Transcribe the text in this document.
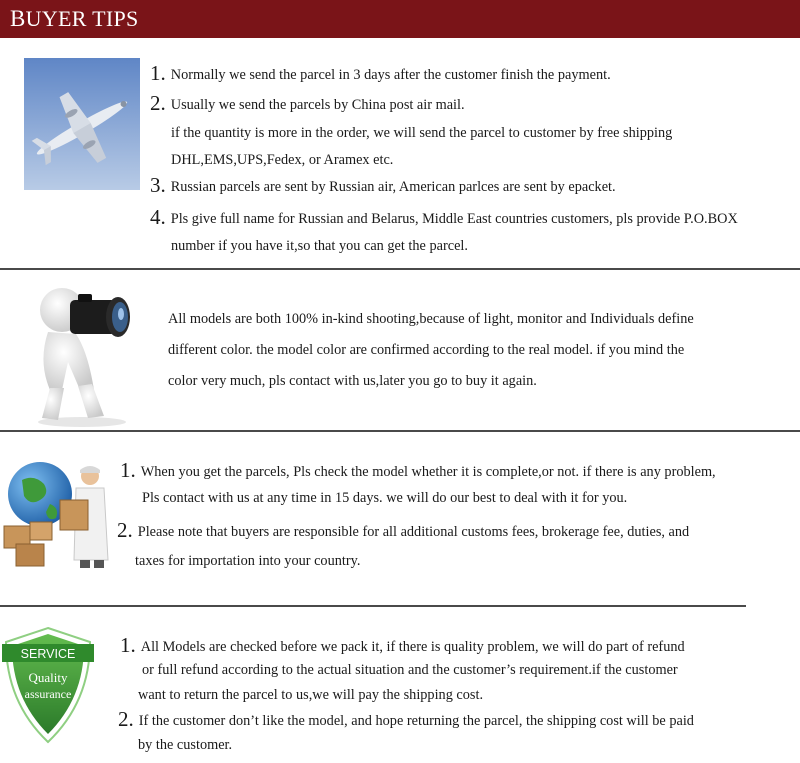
BUYER TIPS
1. Normally we send the parcel in 3 days after the customer finish the payment.
2. Usually we send the parcels by China post air mail.
if the quantity is more in the order, we will send the parcel to customer by free shipping
DHL,EMS,UPS,Fedex, or Aramex etc.
3. Russian parcels are sent by Russian air, American parlces are sent by epacket.
4. Pls give full name for Russian and Belarus, Middle East countries customers, pls provide P.O.BOX
number if you have it,so that you can get the parcel.
All models are both 100% in-kind shooting,because of light, monitor and Individuals define
different color. the model color are confirmed according to the real model. if you mind the
color very much, pls contact with us,later you go to buy it again.
1. When you get the parcels, Pls check the model whether it is complete,or not. if there is any problem,
Pls contact with us at any time in 15 days. we will do our best to deal with it for you.
2. Please note that buyers are responsible for all additional customs fees, brokerage fee, duties, and
taxes for importation into your country.
SERVICE
Quality
assurance
1. All Models are checked before we pack it, if there is quality problem, we will do part of refund
or full refund according to the actual situation and the customer’s requirement.if the customer
want to return the parcel to us,we will pay the shipping cost.
2. If the customer don’t like the model, and hope returning the parcel, the shipping cost will be paid
by the customer.
